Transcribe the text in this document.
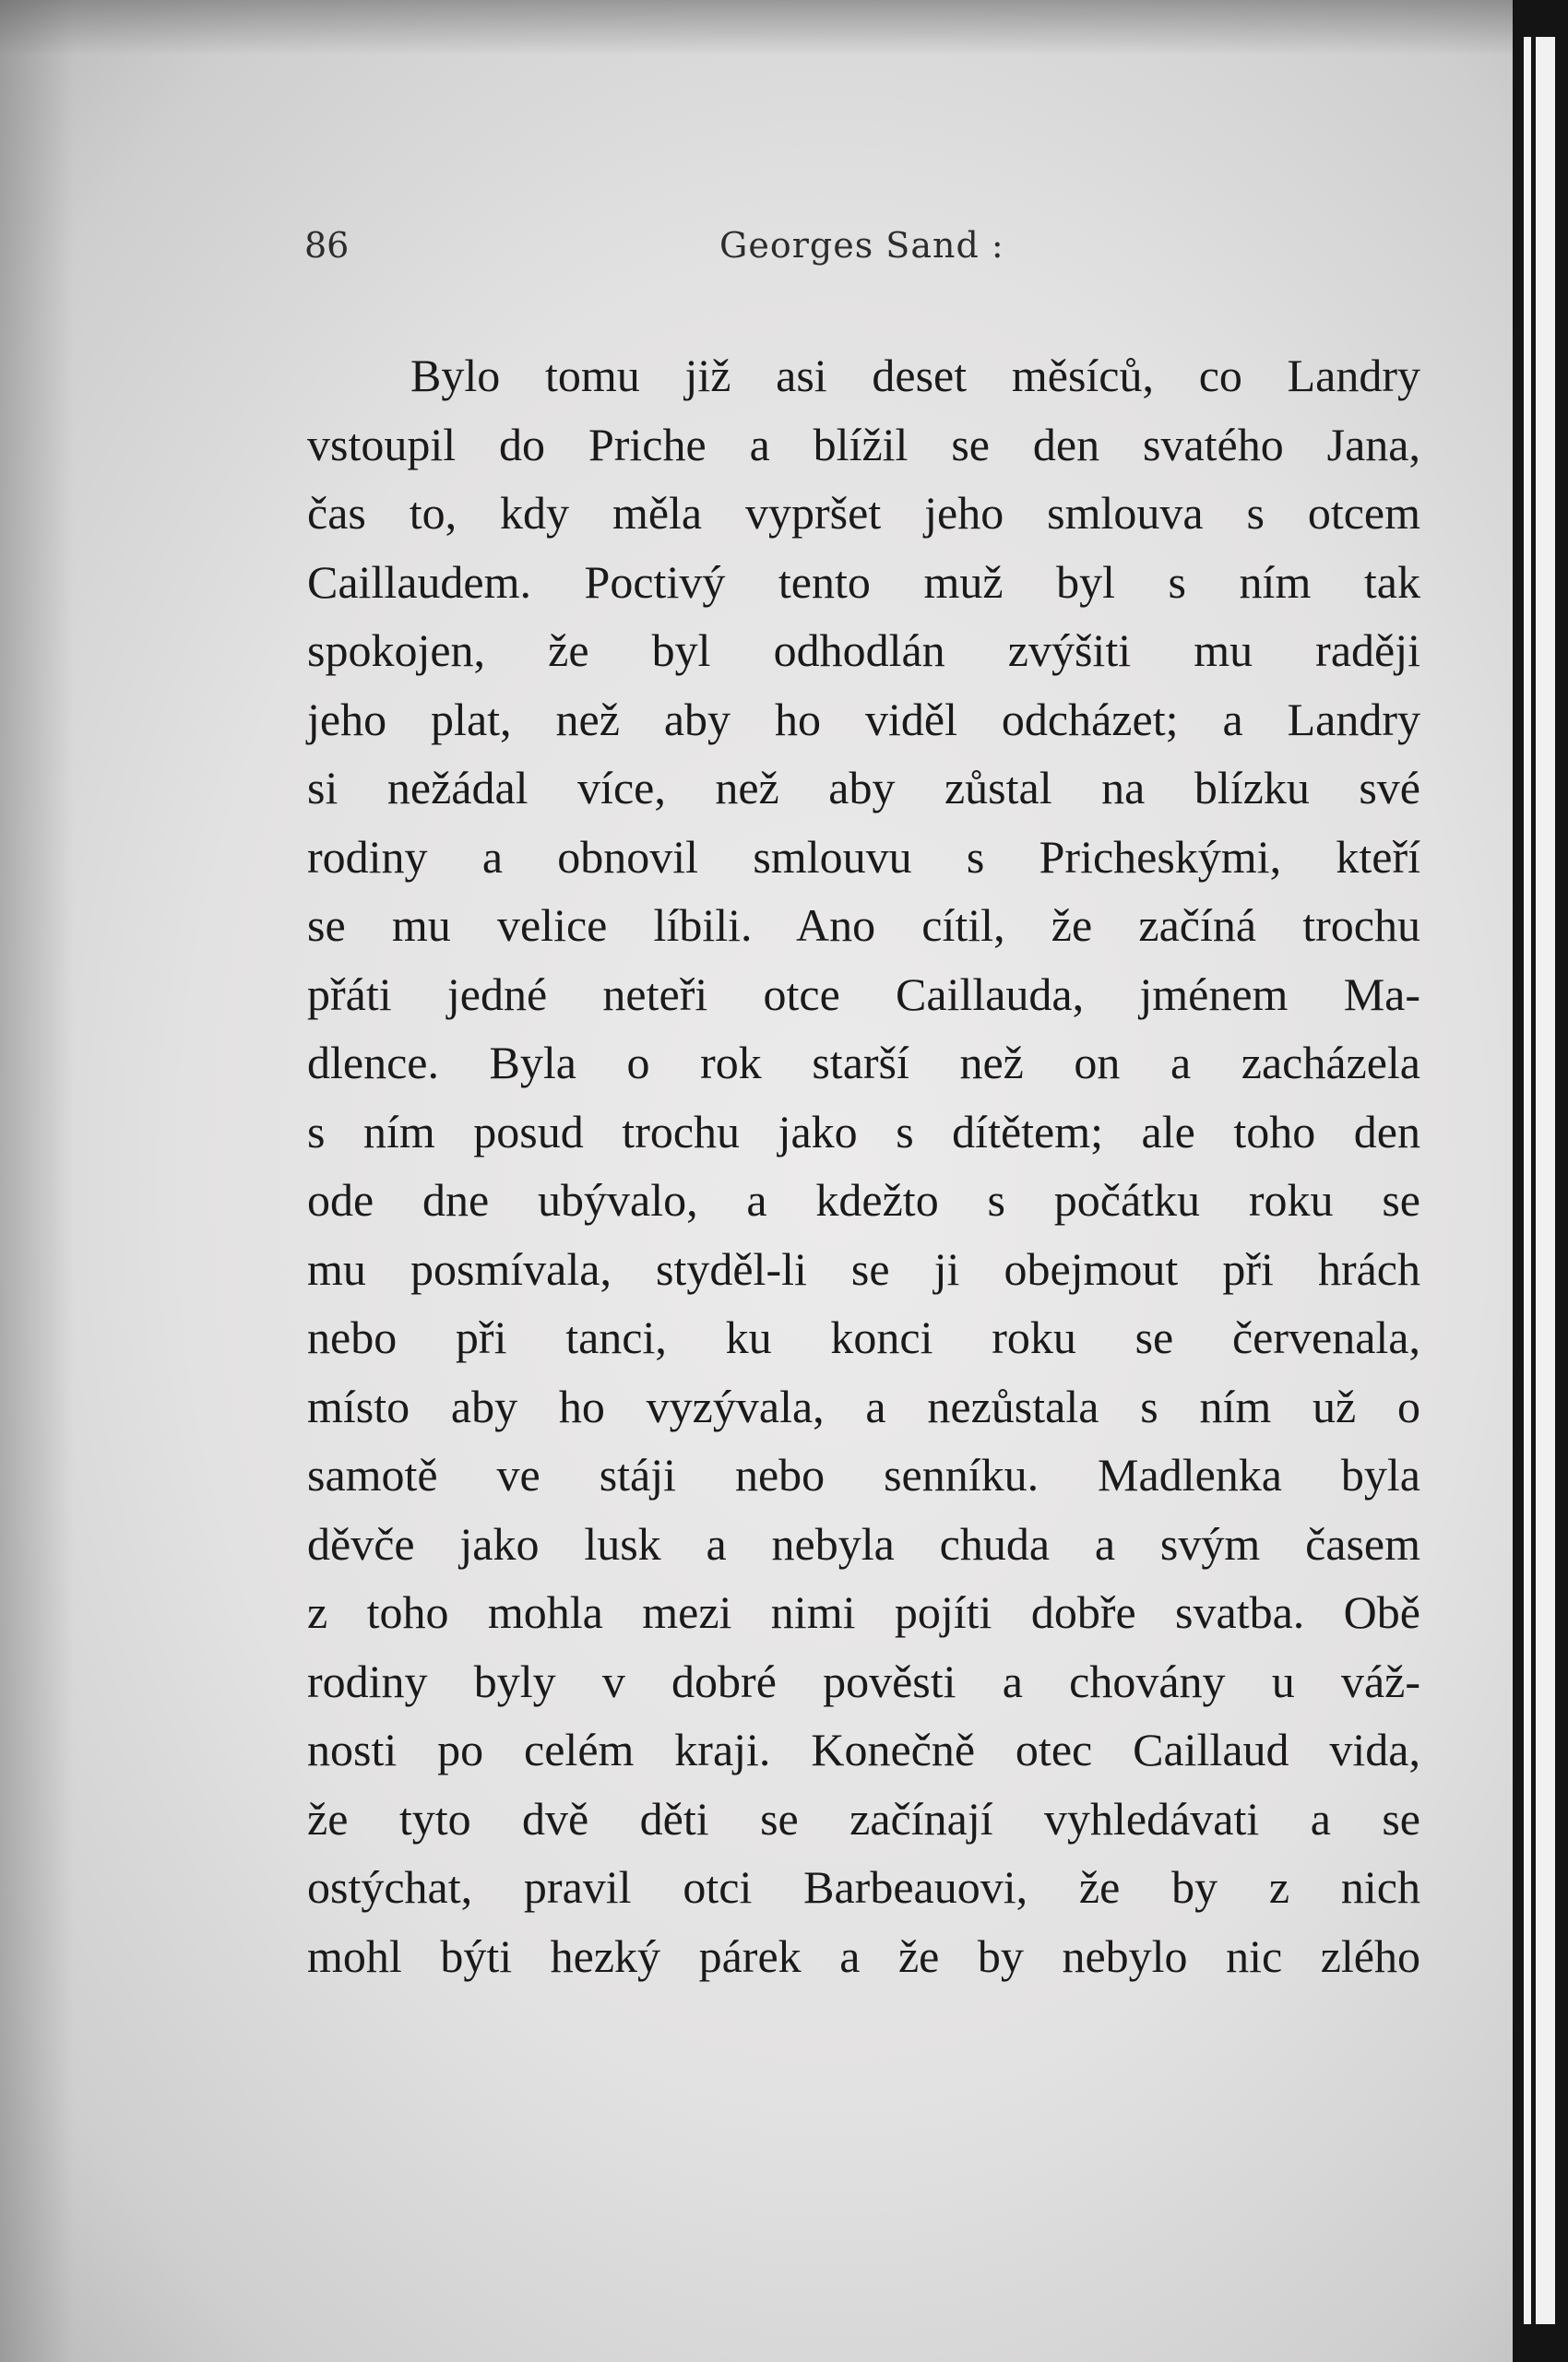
86	Georges Sand :
Bylo tomu již asi deset měsíců, co Landry
vstoupil do Priche a blížil se den svatého Jana,
čas to, kdy měla vypršet jeho smlouva s otcem
Caillaudem. Poctivý tento muž byl s ním tak
spokojen, že byl odhodlán zvýšiti mu raději
jeho plat, než aby ho viděl odcházet; a Landry
si nežádal více, než aby zůstal na blízku své
rodiny a obnovil smlouvu s Pricheskými, kteří
se mu velice líbili. Ano cítil, že začíná trochu
přáti jedné neteři otce Caillauda, jménem Ma-
dlence. Byla o rok starší než on a zacházela
s ním posud trochu jako s dítětem; ale toho den
ode dne ubývalo, a kdežto s počátku roku se
mu posmívala, styděl-li se ji obejmout při hrách
nebo při tanci, ku konci roku se červenala,
místo aby ho vyzývala, a nezůstala s ním už o
samotě ve stáji nebo senníku. Madlenka byla
děvče jako lusk a nebyla chuda a svým časem
z toho mohla mezi nimi pojíti dobře svatba. Obě
rodiny byly v dobré pověsti a chovány u váž-
nosti po celém kraji. Konečně otec Caillaud vida,
že tyto dvě děti se začínají vyhledávati a se
ostýchat, pravil otci Barbeauovi, že by z nich
mohl býti hezký párek a že by nebylo nic zlého
